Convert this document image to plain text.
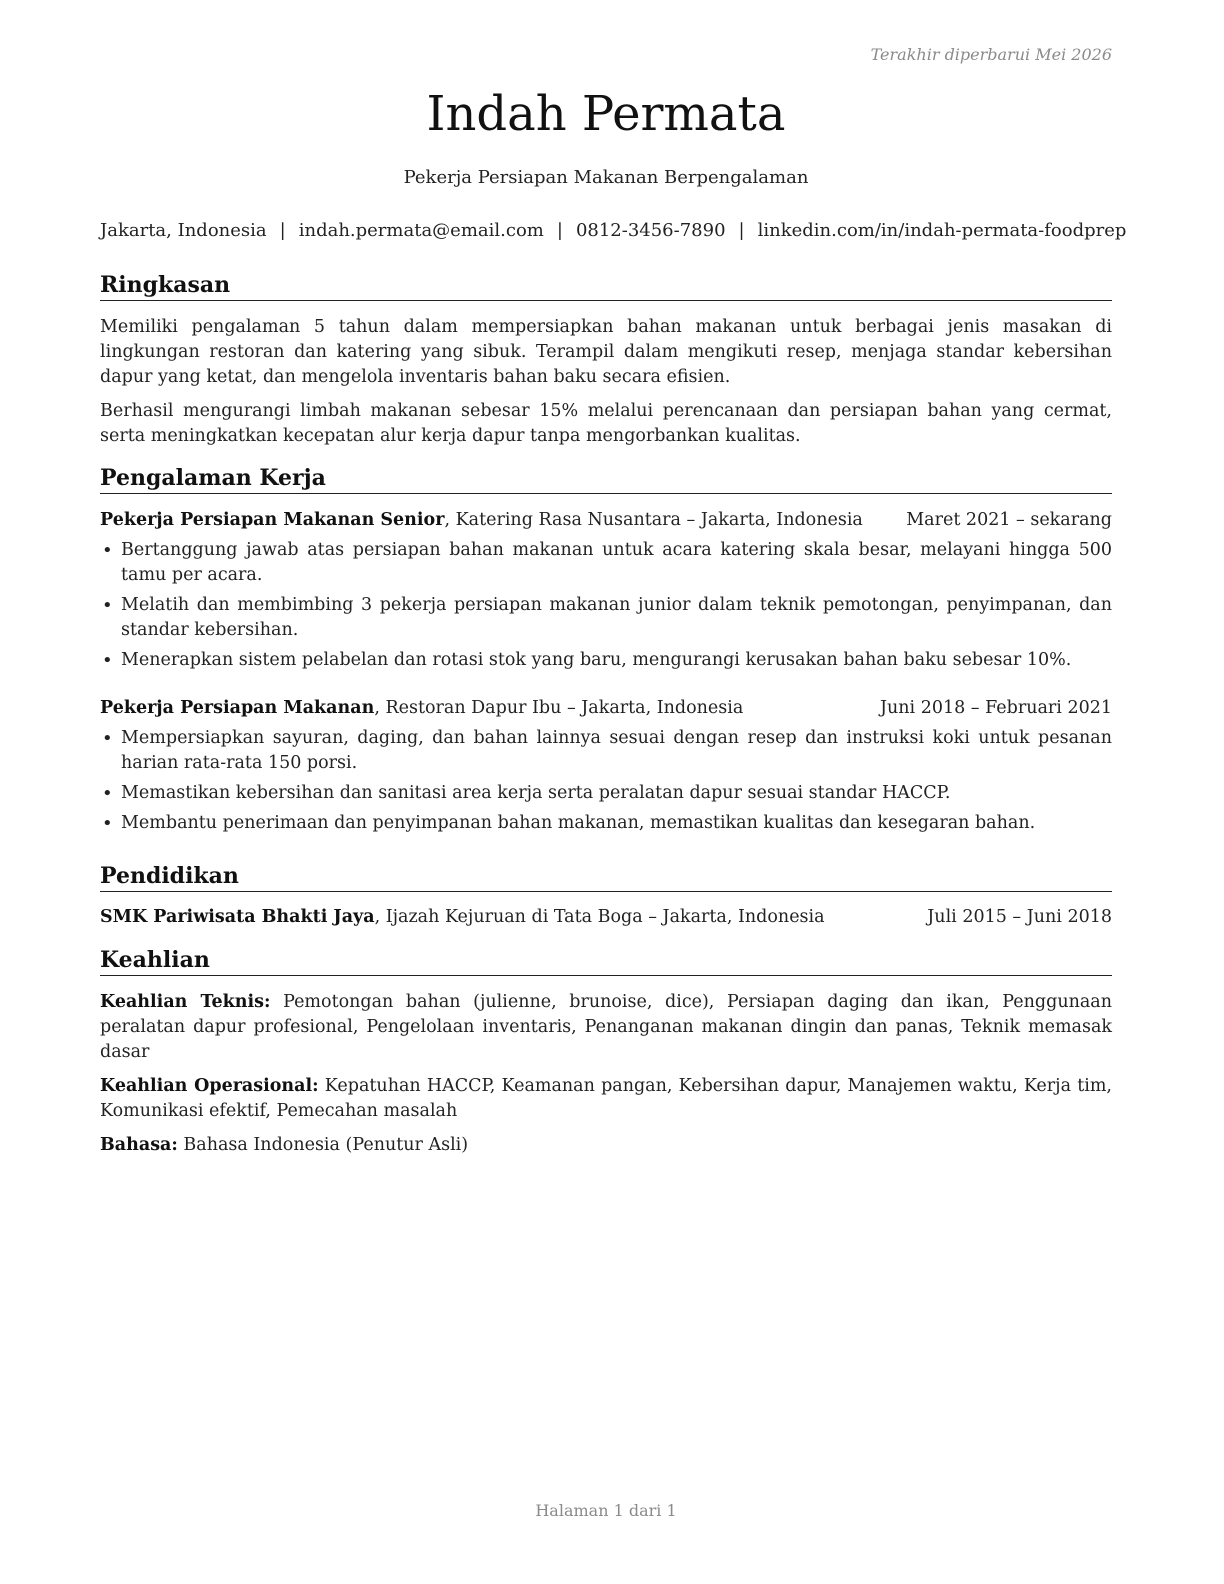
Terakhir diperbarui Mei 2026
Indah Permata
Pekerja Persiapan Makanan Berpengalaman
Jakarta, Indonesia | indah.permata@email.com | 0812-3456-7890 | linkedin.com/in/indah-permata-foodprep
Ringkasan

Memiliki pengalaman 5 tahun dalam mempersiapkan bahan makanan untuk berbagai jenis masakan di lingkungan restoran dan katering yang sibuk. Terampil dalam mengikuti resep, menjaga standar kebersihan dapur yang ketat, dan mengelola inventaris bahan baku secara efisien.

Berhasil mengurangi limbah makanan sebesar 15% melalui perencanaan dan persiapan bahan yang cermat, serta meningkatkan kecepatan alur kerja dapur tanpa mengorbankan kualitas.

Pengalaman Kerja
Pekerja Persiapan Makanan Senior, Katering Rasa Nusantara – Jakarta, Indonesia Maret 2021 – sekarang
• Bertanggung jawab atas persiapan bahan makanan untuk acara katering skala besar, melayani hingga 500 tamu per acara.
• Melatih dan membimbing 3 pekerja persiapan makanan junior dalam teknik pemotongan, penyimpanan, dan standar kebersihan.
• Menerapkan sistem pelabelan dan rotasi stok yang baru, mengurangi kerusakan bahan baku sebesar 10%.
Pekerja Persiapan Makanan, Restoran Dapur Ibu – Jakarta, Indonesia	Juni 2018 – Februari 2021
• Mempersiapkan sayuran, daging, dan bahan lainnya sesuai dengan resep dan instruksi koki untuk pesanan harian rata-rata 150 porsi.
• Memastikan kebersihan dan sanitasi area kerja serta peralatan dapur sesuai standar HACCP.
• Membantu penerimaan dan penyimpanan bahan makanan, memastikan kualitas dan kesegaran bahan.
Pendidikan
SMK Pariwisata Bhakti Jaya, Ijazah Kejuruan di Tata Boga – Jakarta, Indonesia	Juli 2015 – Juni 2018
Keahlian

Keahlian Teknis: Pemotongan bahan (julienne, brunoise, dice), Persiapan daging dan ikan, Penggunaan peralatan dapur profesional, Pengelolaan inventaris, Penanganan makanan dingin dan panas, Teknik memasak dasar

Keahlian Operasional: Kepatuhan HACCP, Keamanan pangan, Kebersihan dapur, Manajemen waktu, Kerja tim, Komunikasi efektif, Pemecahan masalah

Bahasa: Bahasa Indonesia (Penutur Asli)

Halaman 1 dari 1
